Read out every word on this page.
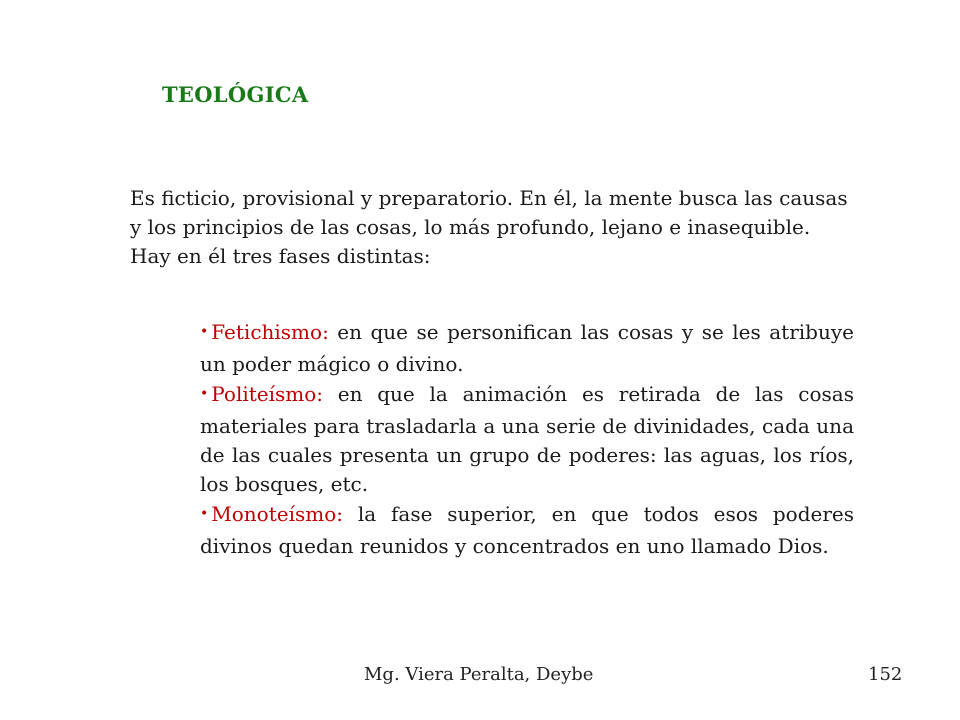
TEOLÓGICA

Es ficticio, provisional y preparatorio. En él, la mente busca las causas y los principios de las cosas, lo más profundo, lejano e inasequible. Hay en él tres fases distintas:

• Fetichismo: en que se personifican las cosas y se les atribuye un poder mágico o divino.
• Politeísmo: en que la animación es retirada de las cosas materiales para trasladarla a una serie de divinidades, cada una de las cuales presenta un grupo de poderes: las aguas, los ríos, los bosques, etc.
• Monoteísmo: la fase superior, en que todos esos poderes divinos quedan reunidos y concentrados en uno llamado Dios.

Mg. Viera Peralta, Deybe	152
